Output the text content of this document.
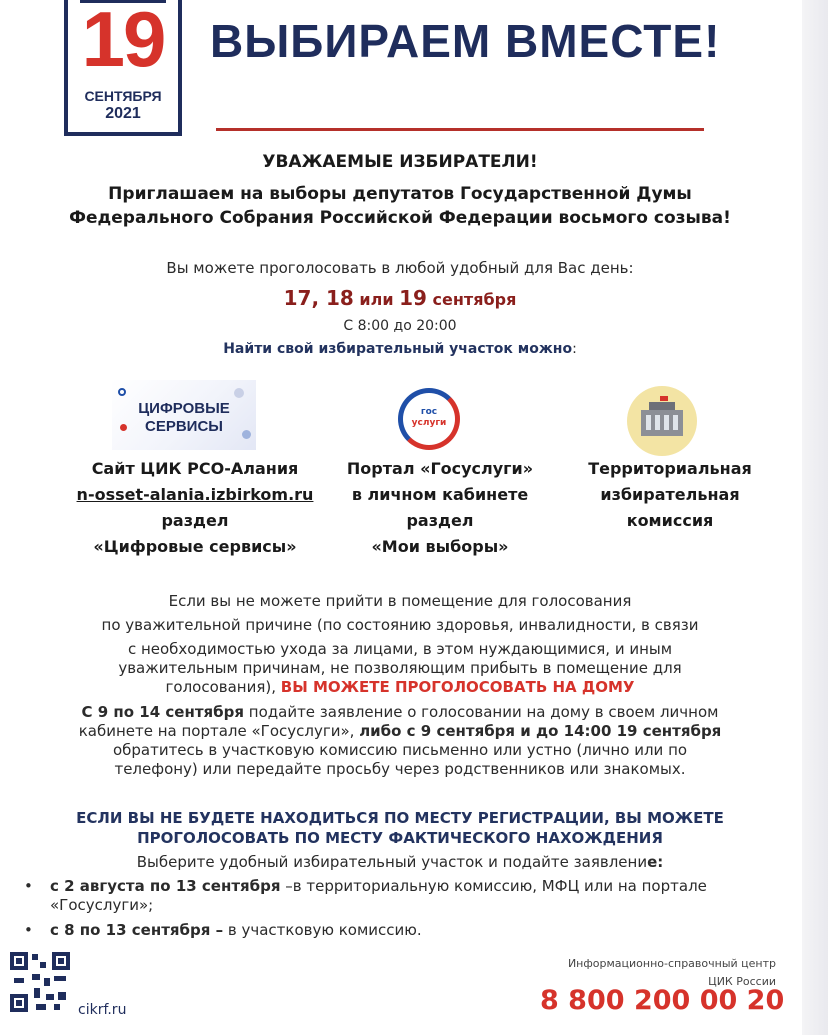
19
СЕНТЯБРЯ
2021
ВЫБИРАЕМ ВМЕСТЕ!
УВАЖАЕМЫЕ ИЗБИРАТЕЛИ!
Приглашаем на выборы депутатов Государственной Думы
Федерального Собрания Российской Федерации восьмого созыва!
Вы можете проголосовать в любой удобный для Вас день:
17, 18 или 19 сентября
С 8:00 до 20:00
Найти свой избирательный участок можно:
ЦИФРОВЫЕ
СЕРВИСЫ
гос
услуги
Сайт ЦИК РСО-Алания
n-osset-alania.izbirkom.ru
раздел
«Цифровые сервисы»
Портал «Госуслуги»
в личном кабинете
раздел
«Мои выборы»
Территориальная
избирательная
комиссия
Если вы не можете прийти в помещение для голосования
по уважительной причине (по состоянию здоровья, инвалидности, в связи
с необходимостью ухода за лицами, в этом нуждающимися, и иным
уважительным причинам, не позволяющим прибыть в помещение для
голосования), ВЫ МОЖЕТЕ ПРОГОЛОСОВАТЬ НА ДОМУ
С 9 по 14 сентября подайте заявление о голосовании на дому в своем личном
кабинете на портале «Госуслуги», либо с 9 сентября и до 14:00 19 сентября
обратитесь в участковую комиссию письменно или устно (лично или по
телефону) или передайте просьбу через родственников или знакомых.
ЕСЛИ ВЫ НЕ БУДЕТЕ НАХОДИТЬСЯ ПО МЕСТУ РЕГИСТРАЦИИ, ВЫ МОЖЕТЕ
ПРОГОЛОСОВАТЬ ПО МЕСТУ ФАКТИЧЕСКОГО НАХОЖДЕНИЯ
Выберите удобный избирательный участок и подайте заявление:
• с 2 августа по 13 сентября –в территориальную комиссию, МФЦ или на портале
«Госуслуги»;
• с 8 по 13 сентября – в участковую комиссию.
cikrf.ru
Информационно-справочный центр
ЦИК России
8 800 200 00 20
